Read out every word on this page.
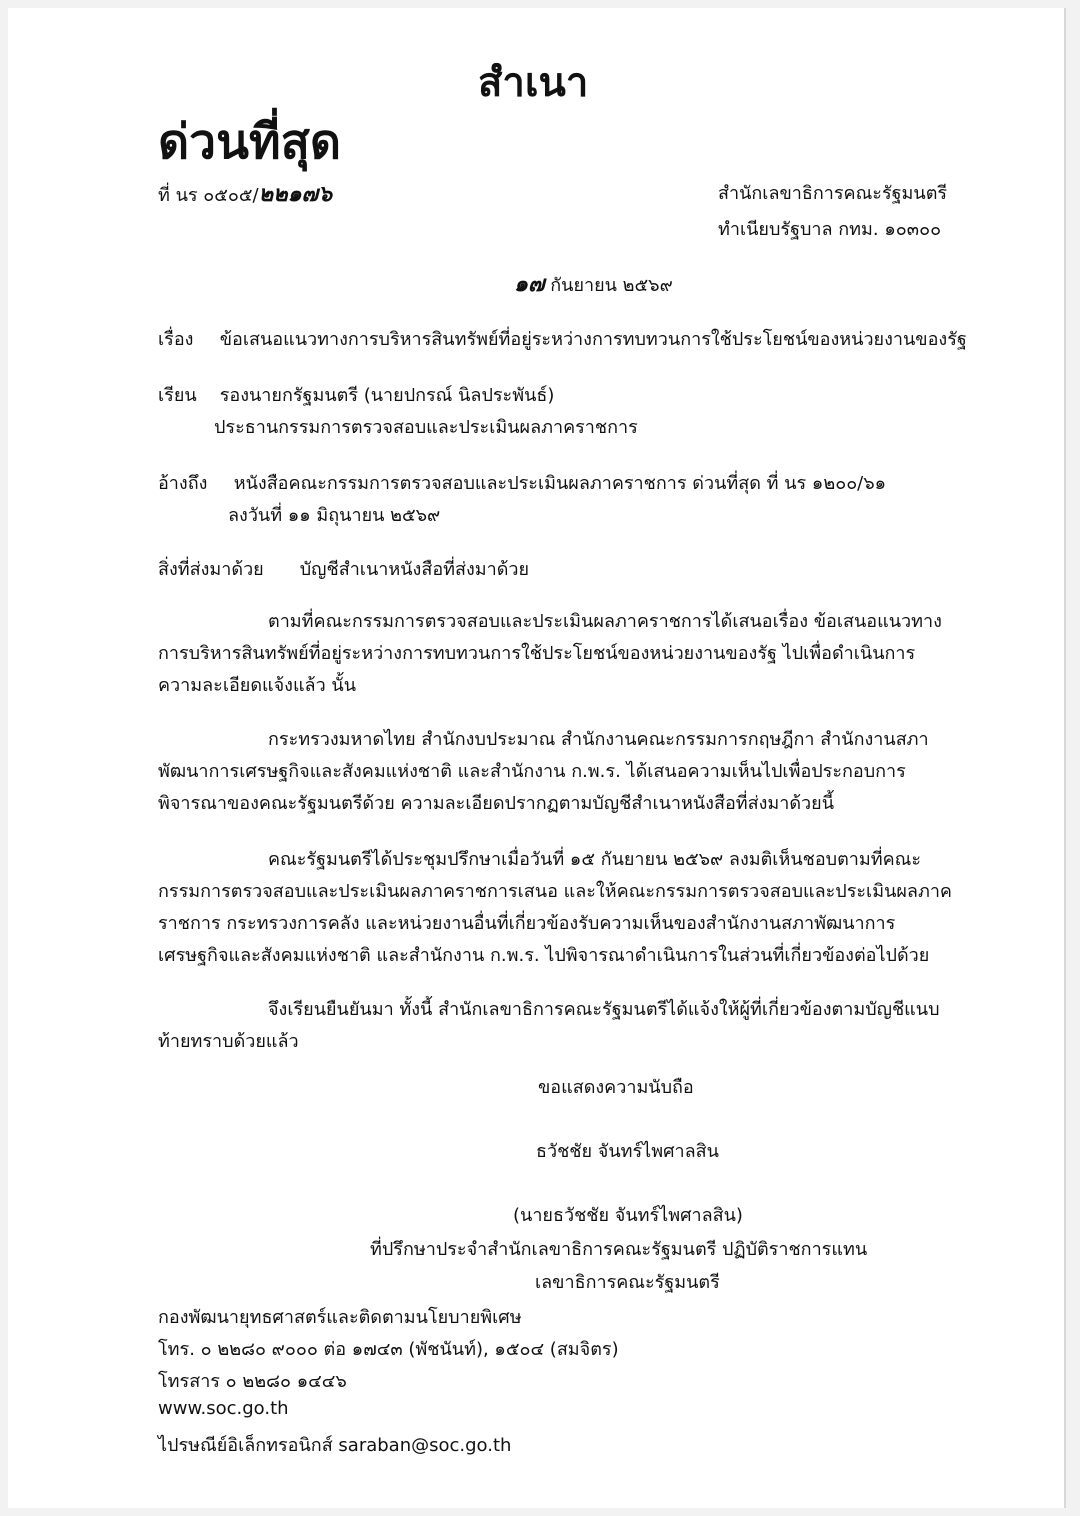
สำเนา
ด่วนที่สุด
ที่ นร ๐๕๐๕/๒๒๑๗๖	สำนักเลขาธิการคณะรัฐมนตรี
ทำเนียบรัฐบาล กทม. ๑๐๓๐๐
๑๗ กันยายน ๒๕๖๙
เรื่อง ข้อเสนอแนวทางการบริหารสินทรัพย์ที่อยู่ระหว่างการทบทวนการใช้ประโยชน์ของหน่วยงานของรัฐ
เรียน รองนายกรัฐมนตรี (นายปกรณ์ นิลประพันธ์)
ประธานกรรมการตรวจสอบและประเมินผลภาคราชการ
อ้างถึง หนังสือคณะกรรมการตรวจสอบและประเมินผลภาคราชการ ด่วนที่สุด ที่ นร ๑๒๐๐/๖๑
ลงวันที่ ๑๑ มิถุนายน ๒๕๖๙
สิ่งที่ส่งมาด้วย บัญชีสำเนาหนังสือที่ส่งมาด้วย
ตามที่คณะกรรมการตรวจสอบและประเมินผลภาคราชการได้เสนอเรื่อง ข้อเสนอแนวทางการบริหารสินทรัพย์ที่อยู่ระหว่างการทบทวนการใช้ประโยชน์ของหน่วยงานของรัฐ ไปเพื่อดำเนินการ ความละเอียดแจ้งแล้ว นั้น
กระทรวงมหาดไทย สำนักงบประมาณ สำนักงานคณะกรรมการกฤษฎีกา สำนักงานสภาพัฒนาการเศรษฐกิจและสังคมแห่งชาติ และสำนักงาน ก.พ.ร. ได้เสนอความเห็นไปเพื่อประกอบการพิจารณาของคณะรัฐมนตรีด้วย ความละเอียดปรากฏตามบัญชีสำเนาหนังสือที่ส่งมาด้วยนี้
คณะรัฐมนตรีได้ประชุมปรึกษาเมื่อวันที่ ๑๕ กันยายน ๒๕๖๙ ลงมติเห็นชอบตามที่คณะกรรมการตรวจสอบและประเมินผลภาคราชการเสนอ และให้คณะกรรมการตรวจสอบและประเมินผลภาคราชการ กระทรวงการคลัง และหน่วยงานอื่นที่เกี่ยวข้องรับความเห็นของสำนักงานสภาพัฒนาการเศรษฐกิจและสังคมแห่งชาติ และสำนักงาน ก.พ.ร. ไปพิจารณาดำเนินการในส่วนที่เกี่ยวข้องต่อไปด้วย
จึงเรียนยืนยันมา ทั้งนี้ สำนักเลขาธิการคณะรัฐมนตรีได้แจ้งให้ผู้ที่เกี่ยวข้องตามบัญชีแนบท้ายทราบด้วยแล้ว
ขอแสดงความนับถือ
ธวัชชัย จันทร์ไพศาลสิน
(นายธวัชชัย จันทร์ไพศาลสิน)
ที่ปรึกษาประจำสำนักเลขาธิการคณะรัฐมนตรี ปฏิบัติราชการแทน
เลขาธิการคณะรัฐมนตรี
กองพัฒนายุทธศาสตร์และติดตามนโยบายพิเศษ
โทร. ๐ ๒๒๘๐ ๙๐๐๐ ต่อ ๑๗๔๓ (พัชนันท์), ๑๕๐๔ (สมจิตร)
โทรสาร ๐ ๒๒๘๐ ๑๔๔๖
www.soc.go.th
ไปรษณีย์อิเล็กทรอนิกส์ saraban@soc.go.th
